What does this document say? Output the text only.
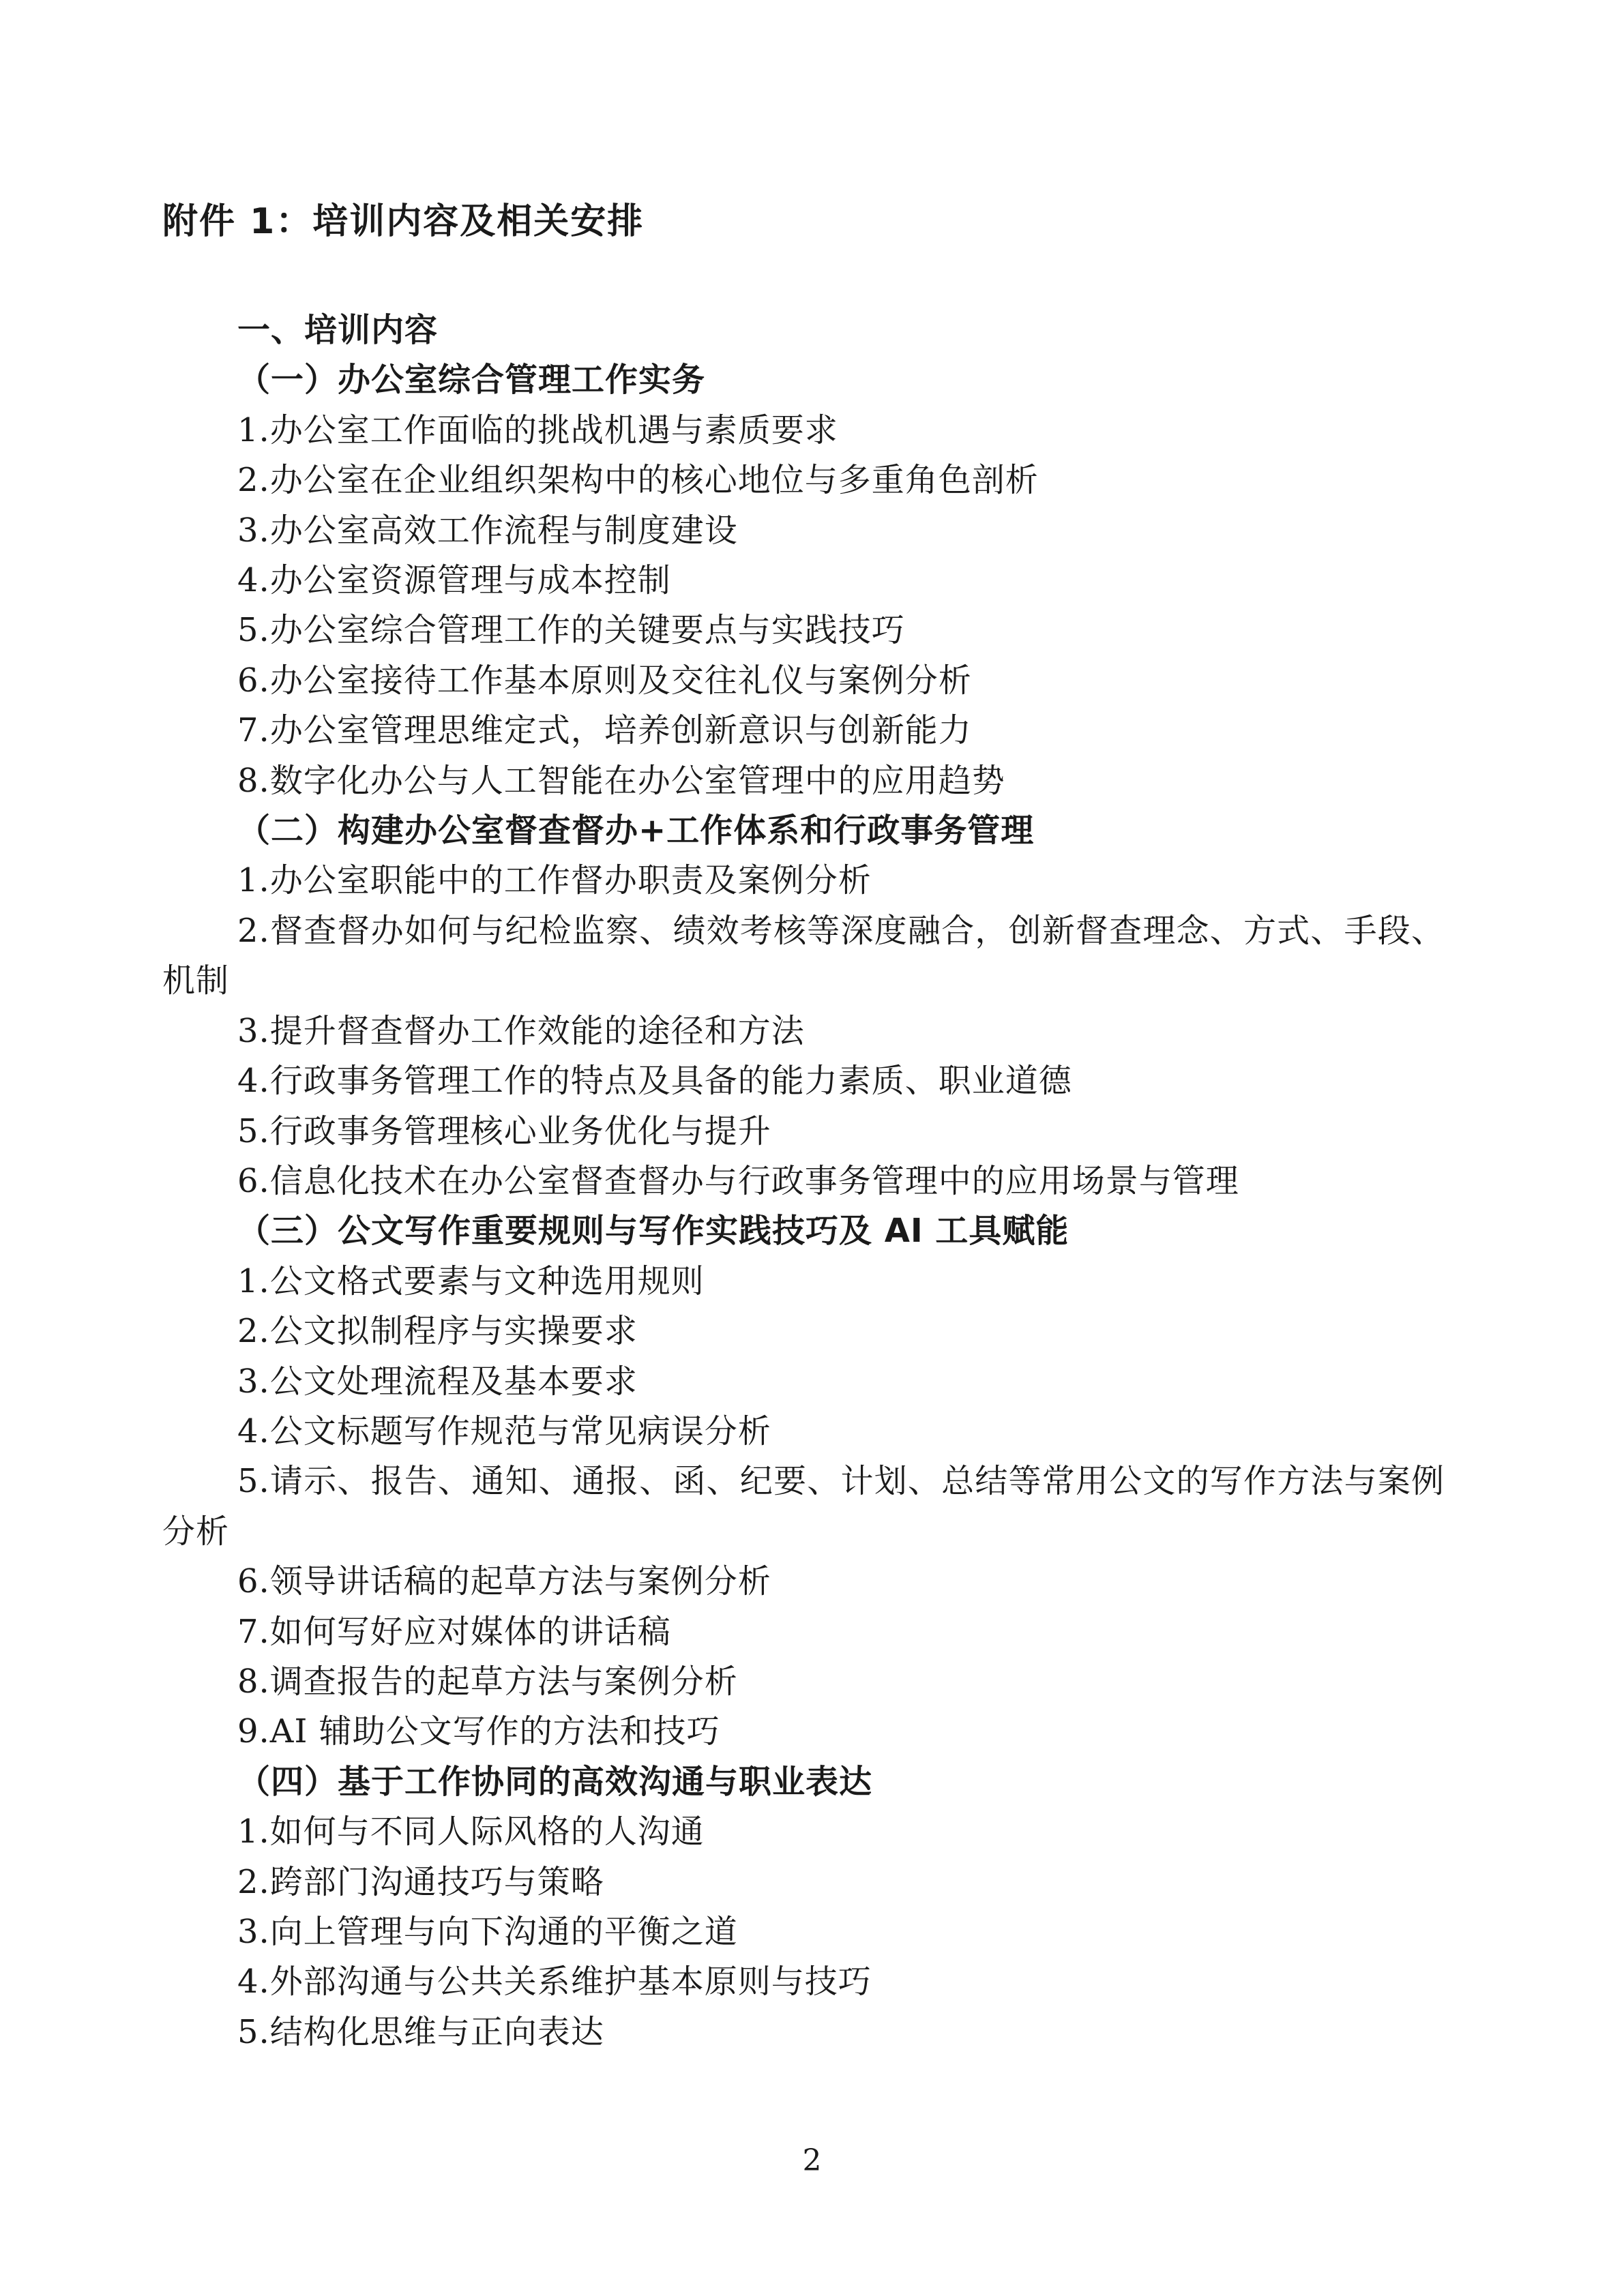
附件 1：培训内容及相关安排
一、培训内容
（一）办公室综合管理工作实务
1.办公室工作面临的挑战机遇与素质要求
2.办公室在企业组织架构中的核心地位与多重角色剖析
3.办公室高效工作流程与制度建设
4.办公室资源管理与成本控制
5.办公室综合管理工作的关键要点与实践技巧
6.办公室接待工作基本原则及交往礼仪与案例分析
7.办公室管理思维定式，培养创新意识与创新能力
8.数字化办公与人工智能在办公室管理中的应用趋势
（二）构建办公室督查督办+工作体系和行政事务管理
1.办公室职能中的工作督办职责及案例分析
2.督查督办如何与纪检监察、绩效考核等深度融合，创新督查理念、方式、手段、机制
3.提升督查督办工作效能的途径和方法
4.行政事务管理工作的特点及具备的能力素质、职业道德
5.行政事务管理核心业务优化与提升
6.信息化技术在办公室督查督办与行政事务管理中的应用场景与管理
（三）公文写作重要规则与写作实践技巧及 AI 工具赋能
1.公文格式要素与文种选用规则
2.公文拟制程序与实操要求
3.公文处理流程及基本要求
4.公文标题写作规范与常见病误分析
5.请示、报告、通知、通报、函、纪要、计划、总结等常用公文的写作方法与案例分析
6.领导讲话稿的起草方法与案例分析
7.如何写好应对媒体的讲话稿
8.调查报告的起草方法与案例分析
9.AI 辅助公文写作的方法和技巧
（四）基于工作协同的高效沟通与职业表达
1.如何与不同人际风格的人沟通
2.跨部门沟通技巧与策略
3.向上管理与向下沟通的平衡之道
4.外部沟通与公共关系维护基本原则与技巧
5.结构化思维与正向表达
2
